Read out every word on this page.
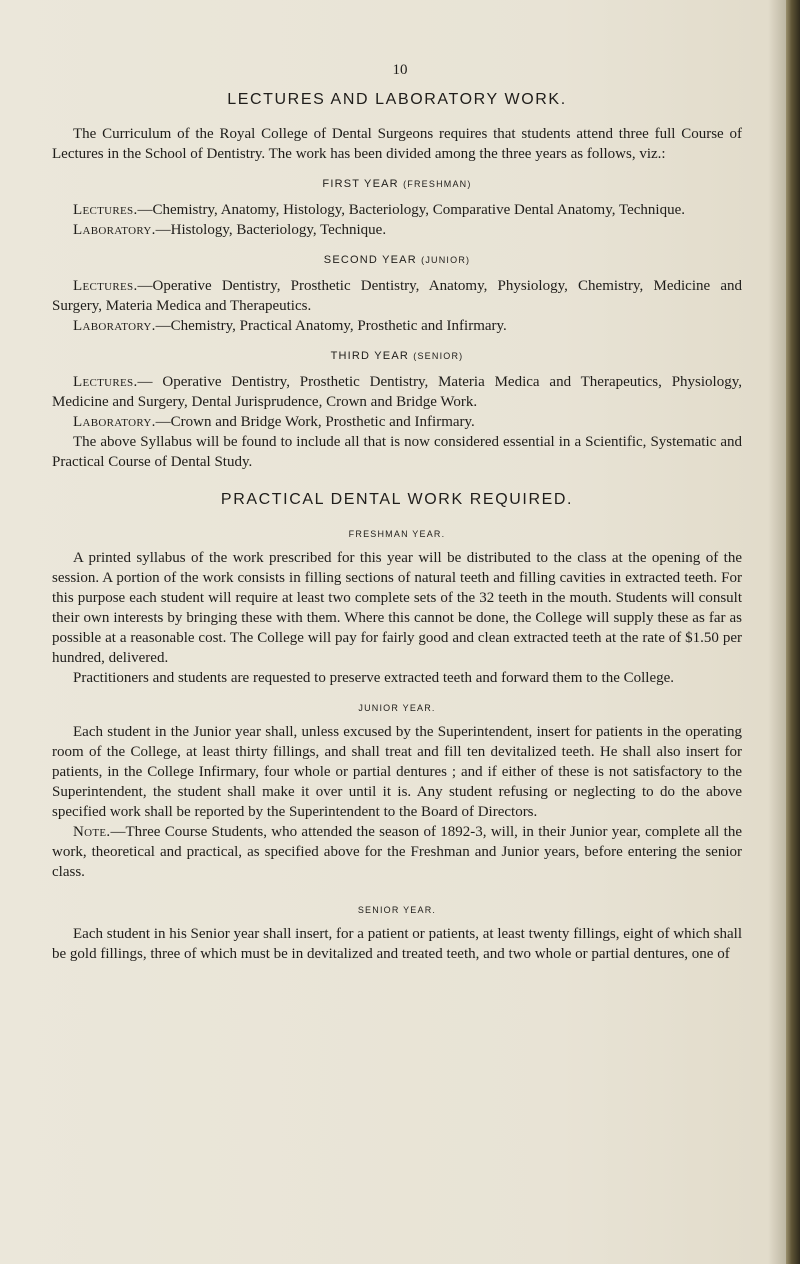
10
LECTURES AND LABORATORY WORK.

The Curriculum of the Royal College of Dental Surgeons requires that students attend three full Course of Lectures in the School of Dentistry. The work has been divided among the three years as follows, viz.:

FIRST YEAR (FRESHMAN)

Lectures.—Chemistry, Anatomy, Histology, Bacteriology, Comparative Dental Anatomy, Technique.

Laboratory.—Histology, Bacteriology, Technique.

SECOND YEAR (JUNIOR)

Lectures.—Operative Dentistry, Prosthetic Dentistry, Anatomy, Physiology, Chemistry, Medicine and Surgery, Materia Medica and Therapeutics.

Laboratory.—Chemistry, Practical Anatomy, Prosthetic and Infirmary.

THIRD YEAR (SENIOR)

Lectures.— Operative Dentistry, Prosthetic Dentistry, Materia Medica and Therapeutics, Physiology, Medicine and Surgery, Dental Jurisprudence, Crown and Bridge Work.

Laboratory.—Crown and Bridge Work, Prosthetic and Infirmary.

The above Syllabus will be found to include all that is now considered essential in a Scientific, Systematic and Practical Course of Dental Study.

PRACTICAL DENTAL WORK REQUIRED.
FRESHMAN YEAR.

A printed syllabus of the work prescribed for this year will be distributed to the class at the opening of the session. A portion of the work consists in filling sections of natural teeth and filling cavities in extracted teeth. For this purpose each student will require at least two complete sets of the 32 teeth in the mouth. Students will consult their own interests by bringing these with them. Where this cannot be done, the College will supply these as far as possible at a reasonable cost. The College will pay for fairly good and clean extracted teeth at the rate of $1.50 per hundred, delivered.

Practitioners and students are requested to preserve extracted teeth and forward them to the College.

JUNIOR YEAR.

Each student in the Junior year shall, unless excused by the Superintendent, insert for patients in the operating room of the College, at least thirty fillings, and shall treat and fill ten devitalized teeth. He shall also insert for patients, in the College Infirmary, four whole or partial dentures ; and if either of these is not satisfactory to the Superintendent, the student shall make it over until it is. Any student refusing or neglecting to do the above specified work shall be reported by the Superintendent to the Board of Directors.

Note.—Three Course Students, who attended the season of 1892-3, will, in their Junior year, complete all the work, theoretical and practical, as specified above for the Freshman and Junior years, before entering the senior class.

SENIOR YEAR.

Each student in his Senior year shall insert, for a patient or patients, at least twenty fillings, eight of which shall be gold fillings, three of which must be in devitalized and treated teeth, and two whole or partial dentures, one of
